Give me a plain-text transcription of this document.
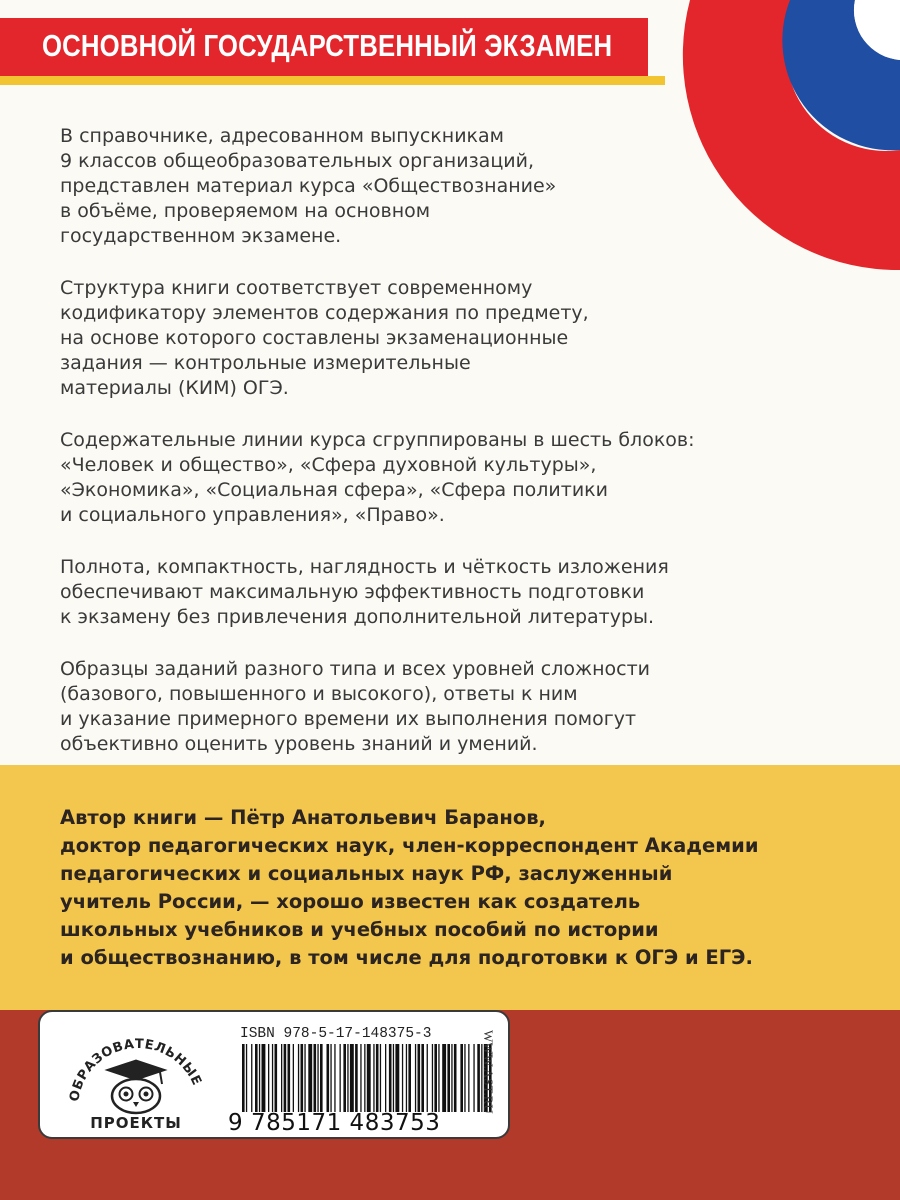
ОСНОВНОЙ ГОСУДАРСТВЕННЫЙ ЭКЗАМЕН

В справочнике, адресованном выпускникам
9 классов общеобразовательных организаций,
представлен материал курса «Обществознание»
в объёме, проверяемом на основном
государственном экзамене.

Структура книги соответствует современному
кодификатору элементов содержания по предмету,
на основе которого составлены экзаменационные
задания — контрольные измерительные
материалы (КИМ) ОГЭ.

Содержательные линии курса сгруппированы в шесть блоков:
«Человек и общество», «Сфера духовной культуры»,
«Экономика», «Социальная сфера», «Сфера политики
и социального управления», «Право».

Полнота, компактность, наглядность и чёткость изложения
обеспечивают максимальную эффективность подготовки
к экзамену без привлечения дополнительной литературы.

Образцы заданий разного типа и всех уровней сложности
(базового, повышенного и высокого), ответы к ним
и указание примерного времени их выполнения помогут
объективно оценить уровень знаний и умений.

Автор книги — Пётр Анатольевич Баранов,
доктор педагогических наук, член-корреспондент Академии
педагогических и социальных наук РФ, заслуженный
учитель России, — хорошо известен как создатель
школьных учебников и учебных пособий по истории
и обществознанию, в том числе для подготовки к ОГЭ и ЕГЭ.

ОБРАЗОВАТЕЛЬНЫЕ
ПРОЕКТЫ
ISBN 978-5-17-148375-3
9 785171 483753
WWW.AST.RU
